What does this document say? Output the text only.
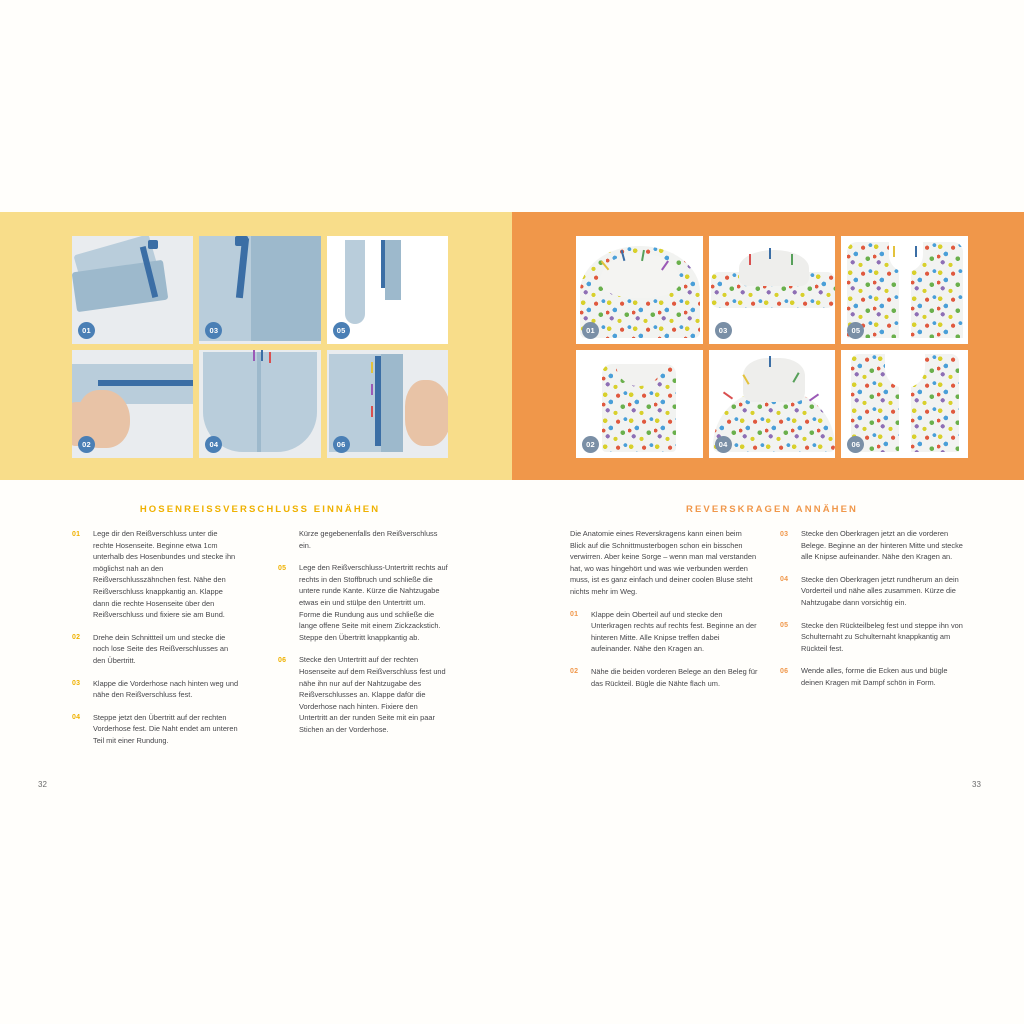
01	03	05
02	04	06
01	03	05
02	04	06
HOSENREISSVERSCHLUSS EINNÄHEN	REVERSKRAGEN ANNÄHEN
01 Lege dir den Reißverschluss unter die rechte Hosenseite. Beginne etwa 1cm unterhalb des Hosenbundes und stecke ihn möglichst nah an den Reißverschlusszähnchen fest. Nähe den Reißverschluss knappkantig an. Klappe dann die rechte Hosenseite über den Reißverschluss und fixiere sie am Bund.
02 Drehe dein Schnittteil um und stecke die noch lose Seite des Reißverschlusses an den Übertritt.
03 Klappe die Vorderhose nach hinten weg und nähe den Reißverschluss fest.
04 Steppe jetzt den Übertritt auf der rechten Vorderhose fest. Die Naht endet am unteren Teil mit einer Rundung.
Kürze gegebenenfalls den Reißverschluss ein.
05 Lege den Reißverschluss-Untertritt rechts auf rechts in den Stoffbruch und schließe die untere runde Kante. Kürze die Nahtzugabe etwas ein und stülpe den Untertritt um. Forme die Rundung aus und schließe die lange offene Seite mit einem Zickzackstich. Steppe den Übertritt knappkantig ab.
06 Stecke den Untertritt auf der rechten Hosenseite auf dem Reißverschluss fest und nähe ihn nur auf der Nahtzugabe des Reißverschlusses an. Klappe dafür die Vorderhose nach hinten. Fixiere den Untertritt an der runden Seite mit ein paar Stichen an der Vorderhose.
Die Anatomie eines Reverskragens kann einen beim Blick auf die Schnittmusterbogen schon ein bisschen verwirren. Aber keine Sorge – wenn man mal verstanden hat, wo was hingehört und was wie verbunden werden muss, ist es ganz einfach und deiner coolen Bluse steht nichts mehr im Weg.
01 Klappe dein Oberteil auf und stecke den Unterkragen rechts auf rechts fest. Beginne an der hinteren Mitte. Alle Knipse treffen dabei aufeinander. Nähe den Kragen an.
02 Nähe die beiden vorderen Belege an den Beleg für das Rückteil. Bügle die Nähte flach um.
03 Stecke den Oberkragen jetzt an die vorderen Belege. Beginne an der hinteren Mitte und stecke alle Knipse aufeinander. Nähe den Kragen an.
04 Stecke den Oberkragen jetzt rundherum an dein Vorderteil und nähe alles zusammen. Kürze die Nahtzugabe dann vorsichtig ein.
05 Stecke den Rückteilbeleg fest und steppe ihn von Schulternaht zu Schulternaht knappkantig am Rückteil fest.
06 Wende alles, forme die Ecken aus und bügle deinen Kragen mit Dampf schön in Form.
32	33
